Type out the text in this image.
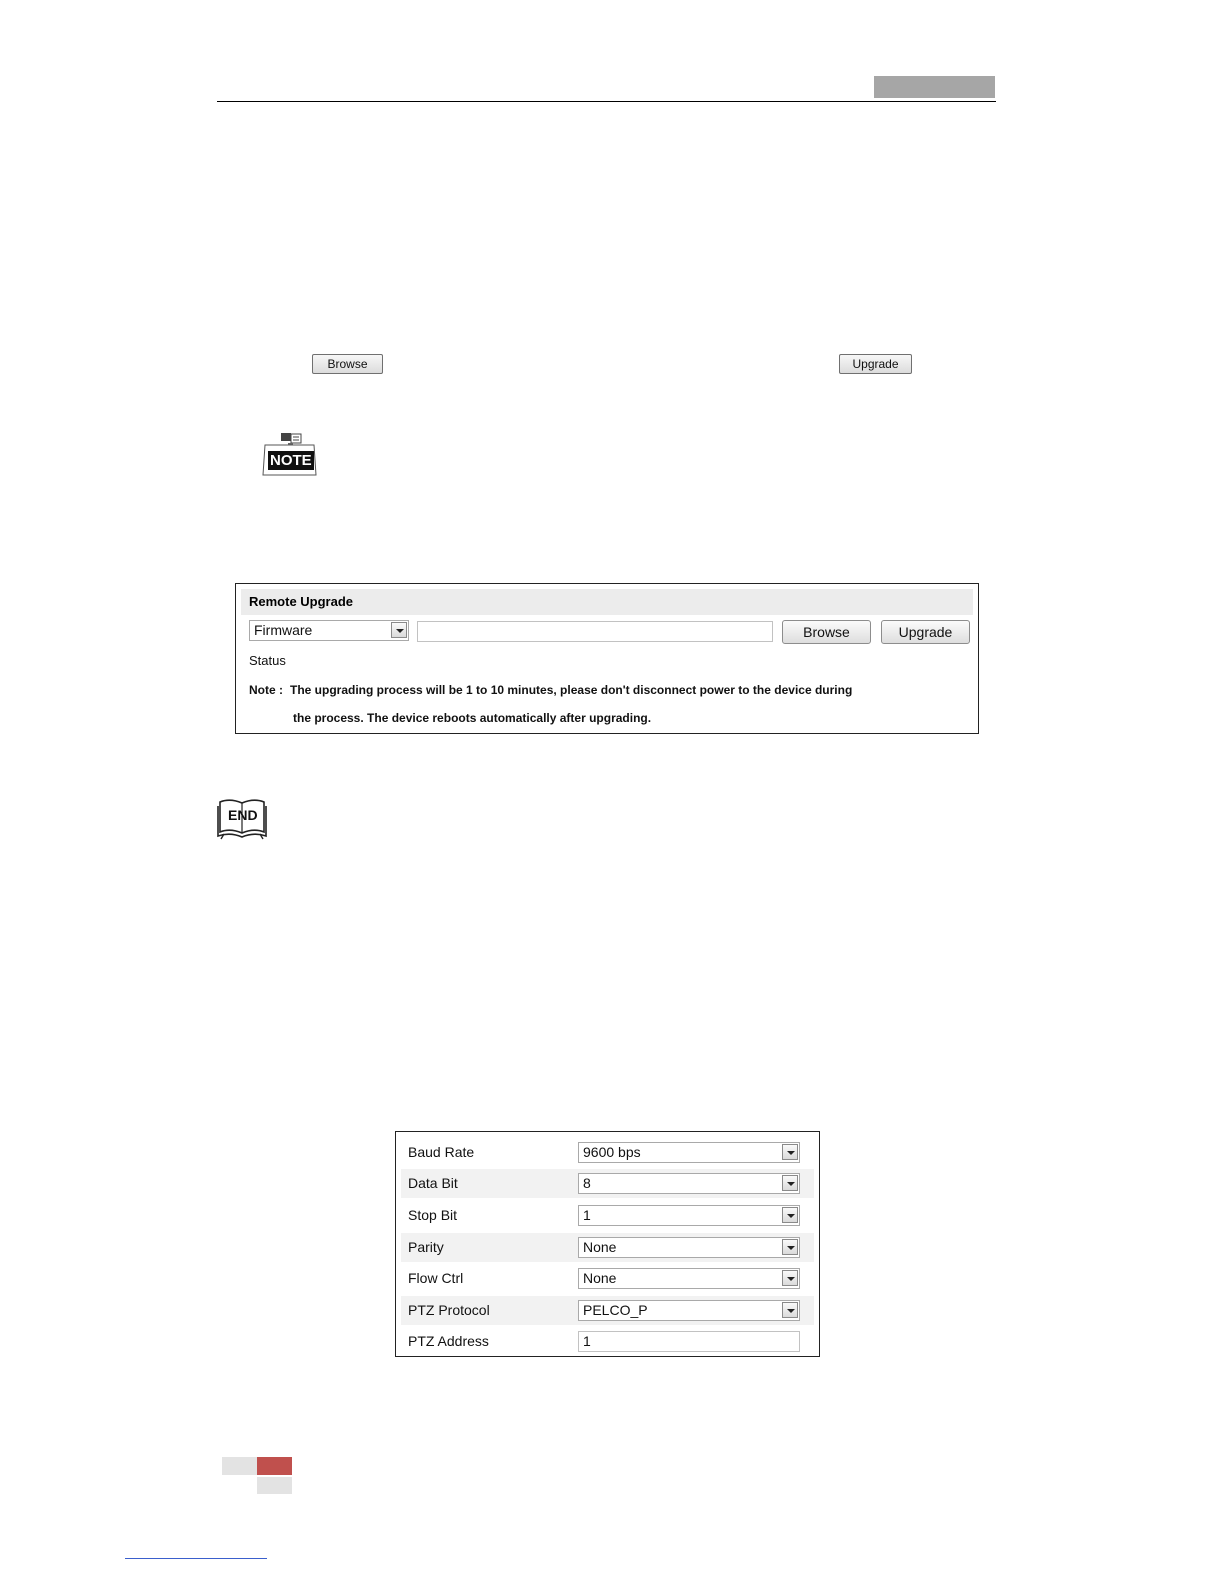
Browse	Upgrade
NOTE
Remote Upgrade
Firmware	Browse	Upgrade
Status
Note : The upgrading process will be 1 to 10 minutes, please don't disconnect power to the device during
the process. The device reboots automatically after upgrading.
END
Baud Rate	9600 bps
Data Bit	8
Stop Bit	1
Parity	None
Flow Ctrl	None
PTZ Protocol	PELCO_P
PTZ Address	1
